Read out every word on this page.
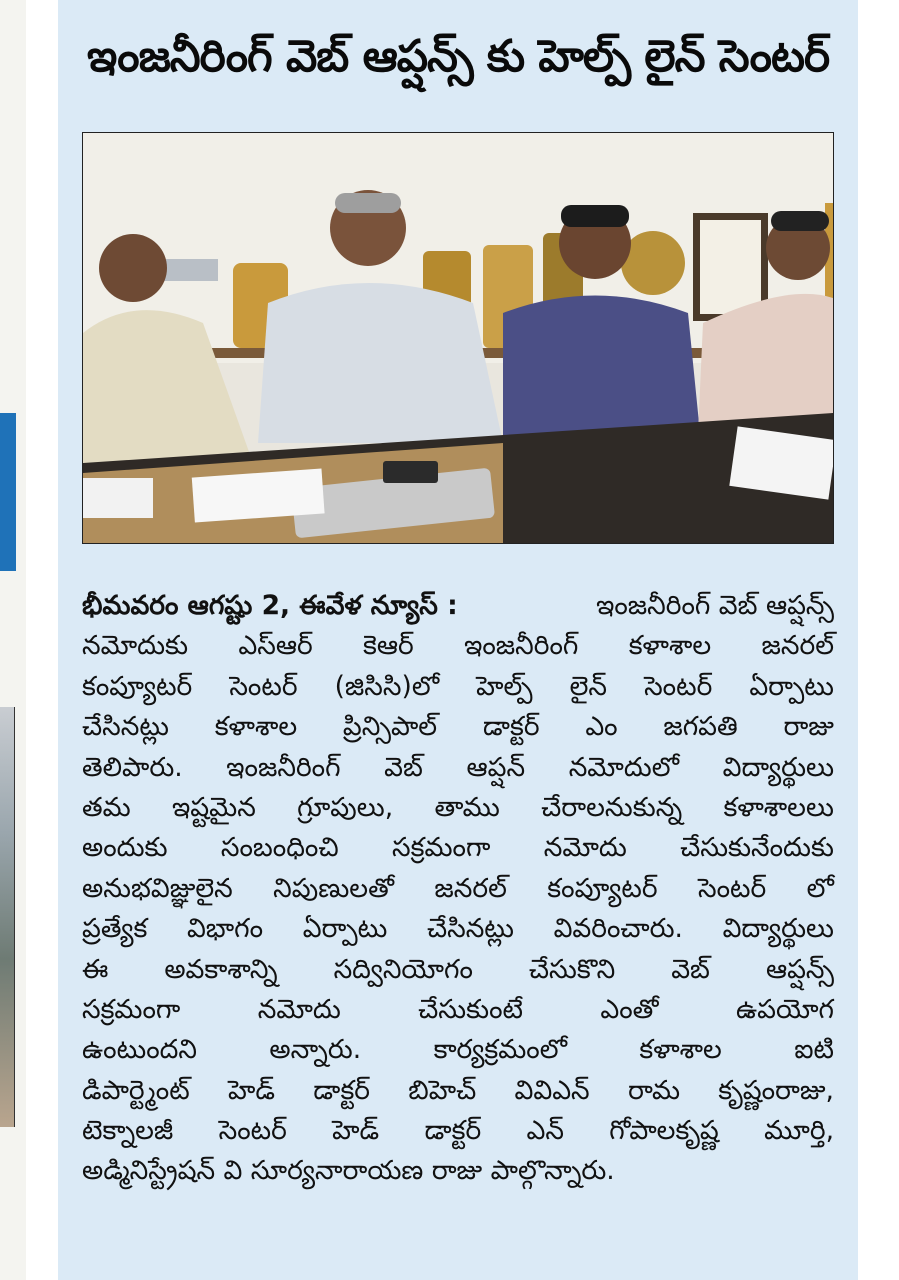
ఇంజనీరింగ్ వెబ్ ఆప్షన్స్ కు హెల్ప్ లైన్ సెంటర్
భీమవరం ఆగష్టు 2, ఈవేళ న్యూస్ :	ఇంజనీరింగ్ వెబ్ ఆప్షన్స్
నమోదుకు ఎస్ఆర్ కెఆర్ ఇంజనీరింగ్ కళాశాల జనరల్
కంప్యూటర్ సెంటర్ (జిసిసి)లో హెల్ప్ లైన్ సెంటర్ ఏర్పాటు
చేసినట్లు కళాశాల ప్రిన్సిపాల్ డాక్టర్ ఎం జగపతి రాజు
తెలిపారు. ఇంజనీరింగ్ వెబ్ ఆప్షన్ నమోదులో విద్యార్థులు
తమ ఇష్టమైన గ్రూపులు, తాము చేరాలనుకున్న కళాశాలలు
అందుకు సంబంధించి సక్రమంగా నమోదు చేసుకునేందుకు
అనుభవిజ్ఞులైన నిపుణులతో జనరల్ కంప్యూటర్ సెంటర్ లో
ప్రత్యేక విభాగం ఏర్పాటు చేసినట్లు వివరించారు. విద్యార్థులు
ఈ అవకాశాన్ని సద్వినియోగం చేసుకొని వెబ్ ఆప్షన్స్
సక్రమంగా	నమోదు	చేసుకుంటే	ఎంతో	ఉపయోగ
ఉంటుందని	అన్నారు.	కార్యక్రమంలో	కళాశాల	ఐటి
డిపార్ట్మెంట్ హెడ్ డాక్టర్ బిహెచ్ వివిఎన్ రామ కృష్ణంరాజు,
టెక్నాలజీ సెంటర్ హెడ్ డాక్టర్ ఎన్ గోపాలకృష్ణ మూర్తి,
అడ్మినిస్ట్రేషన్ వి సూర్యనారాయణ రాజు పాల్గొన్నారు.
